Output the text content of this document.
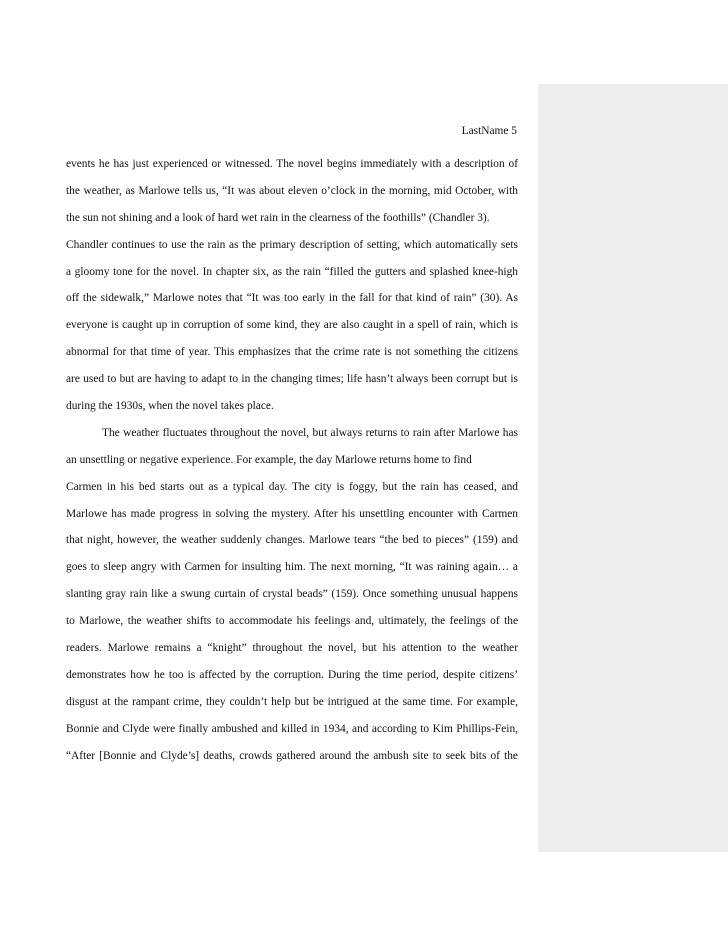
LastName 5
events he has just experienced or witnessed. The novel begins immediately with a description of
the weather, as Marlowe tells us, “It was about eleven o’clock in the morning, mid October, with
the sun not shining and a look of hard wet rain in the clearness of the foothills” (Chandler 3).
Chandler continues to use the rain as the primary description of setting, which automatically sets
a gloomy tone for the novel. In chapter six, as the rain “filled the gutters and splashed knee-high
off the sidewalk,” Marlowe notes that “It was too early in the fall for that kind of rain” (30). As
everyone is caught up in corruption of some kind, they are also caught in a spell of rain, which is
abnormal for that time of year. This emphasizes that the crime rate is not something the citizens
are used to but are having to adapt to in the changing times; life hasn’t always been corrupt but is
during the 1930s, when the novel takes place.
The weather fluctuates throughout the novel, but always returns to rain after Marlowe has
an unsettling or negative experience. For example, the day Marlowe returns home to find
Carmen in his bed starts out as a typical day. The city is foggy, but the rain has ceased, and
Marlowe has made progress in solving the mystery. After his unsettling encounter with Carmen
that night, however, the weather suddenly changes. Marlowe tears “the bed to pieces” (159) and
goes to sleep angry with Carmen for insulting him. The next morning, “It was raining again… a
slanting gray rain like a swung curtain of crystal beads” (159). Once something unusual happens
to Marlowe, the weather shifts to accommodate his feelings and, ultimately, the feelings of the
readers. Marlowe remains a “knight” throughout the novel, but his attention to the weather
demonstrates how he too is affected by the corruption. During the time period, despite citizens’
disgust at the rampant crime, they couldn’t help but be intrigued at the same time. For example,
Bonnie and Clyde were finally ambushed and killed in 1934, and according to Kim Phillips-Fein,
“After [Bonnie and Clyde’s] deaths, crowds gathered around the ambush site to seek bits of the
